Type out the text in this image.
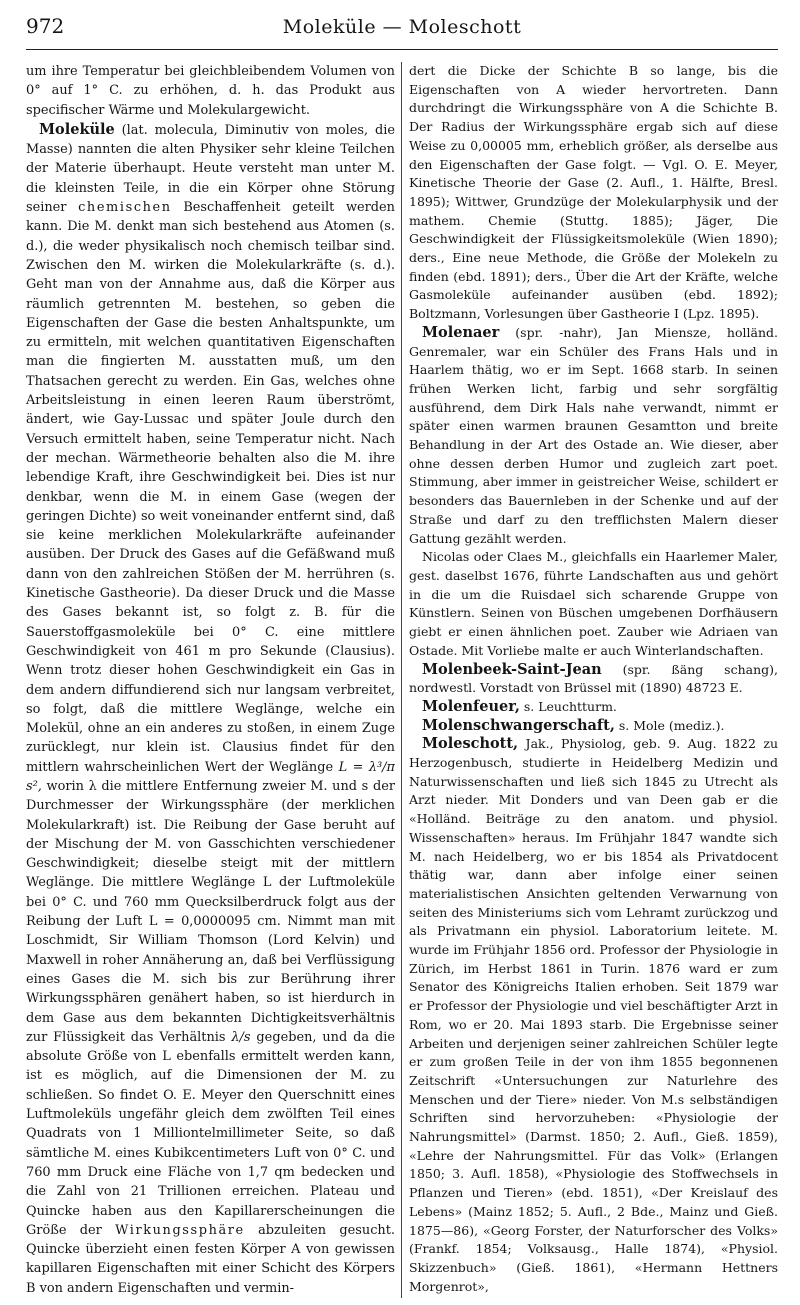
972	Moleküle — Moleschott

um ihre Temperatur bei gleichbleibendem Volumen von 0° auf 1° C. zu erhöhen, d. h. das Produkt aus specifischer Wärme und Molekulargewicht.

Moleküle (lat. molecula, Diminutiv von moles, die Masse) nannten die alten Physiker sehr kleine Teilchen der Materie überhaupt. Heute versteht man unter M. die kleinsten Teile, in die ein Körper ohne Störung seiner chemischen Beschaffenheit geteilt werden kann. Die M. denkt man sich bestehend aus Atomen (s. d.), die weder physikalisch noch chemisch teilbar sind. Zwischen den M. wirken die Molekularkräfte (s. d.). Geht man von der Annahme aus, daß die Körper aus räumlich getrennten M. bestehen, so geben die Eigenschaften der Gase die besten Anhaltspunkte, um zu ermitteln, mit welchen quantitativen Eigenschaften man die fingierten M. ausstatten muß, um den Thatsachen gerecht zu werden. Ein Gas, welches ohne Arbeitsleistung in einen leeren Raum überströmt, ändert, wie Gay-Lussac und später Joule durch den Versuch ermittelt haben, seine Temperatur nicht. Nach der mechan. Wärmetheorie behalten also die M. ihre lebendige Kraft, ihre Geschwindigkeit bei. Dies ist nur denkbar, wenn die M. in einem Gase (wegen der geringen Dichte) so weit voneinander entfernt sind, daß sie keine merklichen Molekularkräfte aufeinander ausüben. Der Druck des Gases auf die Gefäßwand muß dann von den zahlreichen Stößen der M. herrühren (s. Kinetische Gastheorie). Da dieser Druck und die Masse des Gases bekannt ist, so folgt z. B. für die Sauerstoffgasmoleküle bei 0° C. eine mittlere Geschwindigkeit von 461 m pro Sekunde (Clausius). Wenn trotz dieser hohen Geschwindigkeit ein Gas in dem andern diffundierend sich nur langsam verbreitet, so folgt, daß die mittlere Weglänge, welche ein Molekül, ohne an ein anderes zu stoßen, in einem Zuge zurücklegt, nur klein ist. Clausius findet für den mittlern wahrscheinlichen Wert der Weglänge L = λ³/π s², worin λ die mittlere Entfernung zweier M. und s der Durchmesser der Wirkungssphäre (der merklichen Molekularkraft) ist. Die Reibung der Gase beruht auf der Mischung der M. von Gasschichten verschiedener Geschwindigkeit; dieselbe steigt mit der mittlern Weglänge. Die mittlere Weglänge L der Luftmoleküle bei 0° C. und 760 mm Quecksilberdruck folgt aus der Reibung der Luft L = 0,0000095 cm. Nimmt man mit Loschmidt, Sir William Thomson (Lord Kelvin) und Maxwell in roher Annäherung an, daß bei Verflüssigung eines Gases die M. sich bis zur Berührung ihrer Wirkungssphären genähert haben, so ist hierdurch in dem Gase aus dem bekannten Dichtigkeitsverhältnis zur Flüssigkeit das Verhältnis λ/s gegeben, und da die absolute Größe von L ebenfalls ermittelt werden kann, ist es möglich, auf die Dimensionen der M. zu schließen. So findet O. E. Meyer den Querschnitt eines Luftmoleküls ungefähr gleich dem zwölften Teil eines Quadrats von 1 Milliontelmillimeter Seite, so daß sämtliche M. eines Kubikcentimeters Luft von 0° C. und 760 mm Druck eine Fläche von 1,7 qm bedecken und die Zahl von 21 Trillionen erreichen. Plateau und Quincke haben aus den Kapillarerscheinungen die Größe der Wirkungssphäre abzuleiten gesucht. Quincke überzieht einen festen Körper A von gewissen kapillaren Eigenschaften mit einer Schicht des Körpers B von andern Eigenschaften und vermin-

dert die Dicke der Schichte B so lange, bis die Eigenschaften von A wieder hervortreten. Dann durchdringt die Wirkungssphäre von A die Schichte B. Der Radius der Wirkungssphäre ergab sich auf diese Weise zu 0,00005 mm, erheblich größer, als derselbe aus den Eigenschaften der Gase folgt. — Vgl. O. E. Meyer, Kinetische Theorie der Gase (2. Aufl., 1. Hälfte, Bresl. 1895); Wittwer, Grundzüge der Molekularphysik und der mathem. Chemie (Stuttg. 1885); Jäger, Die Geschwindigkeit der Flüssigkeitsmoleküle (Wien 1890); ders., Eine neue Methode, die Größe der Molekeln zu finden (ebd. 1891); ders., Über die Art der Kräfte, welche Gasmoleküle aufeinander ausüben (ebd. 1892); Boltzmann, Vorlesungen über Gastheorie I (Lpz. 1895).

Molenaer (spr. -nahr), Jan Miensze, holländ. Genremaler, war ein Schüler des Frans Hals und in Haarlem thätig, wo er im Sept. 1668 starb. In seinen frühen Werken licht, farbig und sehr sorgfältig ausführend, dem Dirk Hals nahe verwandt, nimmt er später einen warmen braunen Gesamtton und breite Behandlung in der Art des Ostade an. Wie dieser, aber ohne dessen derben Humor und zugleich zart poet. Stimmung, aber immer in geistreicher Weise, schildert er besonders das Bauernleben in der Schenke und auf der Straße und darf zu den trefflichsten Malern dieser Gattung gezählt werden.

Nicolas oder Claes M., gleichfalls ein Haarlemer Maler, gest. daselbst 1676, führte Landschaften aus und gehört in die um die Ruisdael sich scharende Gruppe von Künstlern. Seinen von Büschen umgebenen Dorfhäusern giebt er einen ähnlichen poet. Zauber wie Adriaen van Ostade. Mit Vorliebe malte er auch Winterlandschaften.

Molenbeek-Saint-Jean (spr. ßäng schang), nordwestl. Vorstadt von Brüssel mit (1890) 48723 E.

Molenfeuer, s. Leuchtturm.

Molenschwangerschaft, s. Mole (mediz.).

Moleschott, Jak., Physiolog, geb. 9. Aug. 1822 zu Herzogenbusch, studierte in Heidelberg Medizin und Naturwissenschaften und ließ sich 1845 zu Utrecht als Arzt nieder. Mit Donders und van Deen gab er die «Holländ. Beiträge zu den anatom. und physiol. Wissenschaften» heraus. Im Frühjahr 1847 wandte sich M. nach Heidelberg, wo er bis 1854 als Privatdocent thätig war, dann aber infolge einer seinen materialistischen Ansichten geltenden Verwarnung von seiten des Ministeriums sich vom Lehramt zurückzog und als Privatmann ein physiol. Laboratorium leitete. M. wurde im Frühjahr 1856 ord. Professor der Physiologie in Zürich, im Herbst 1861 in Turin. 1876 ward er zum Senator des Königreichs Italien erhoben. Seit 1879 war er Professor der Physiologie und viel beschäftigter Arzt in Rom, wo er 20. Mai 1893 starb. Die Ergebnisse seiner Arbeiten und derjenigen seiner zahlreichen Schüler legte er zum großen Teile in der von ihm 1855 begonnenen Zeitschrift «Untersuchungen zur Naturlehre des Menschen und der Tiere» nieder. Von M.s selbständigen Schriften sind hervorzuheben: «Physiologie der Nahrungsmittel» (Darmst. 1850; 2. Aufl., Gieß. 1859), «Lehre der Nahrungsmittel. Für das Volk» (Erlangen 1850; 3. Aufl. 1858), «Physiologie des Stoffwechsels in Pflanzen und Tieren» (ebd. 1851), «Der Kreislauf des Lebens» (Mainz 1852; 5. Aufl., 2 Bde., Mainz und Gieß. 1875—86), «Georg Forster, der Naturforscher des Volks» (Frankf. 1854; Volksausg., Halle 1874), «Physiol. Skizzenbuch» (Gieß. 1861), «Hermann Hettners Morgenrot»,
